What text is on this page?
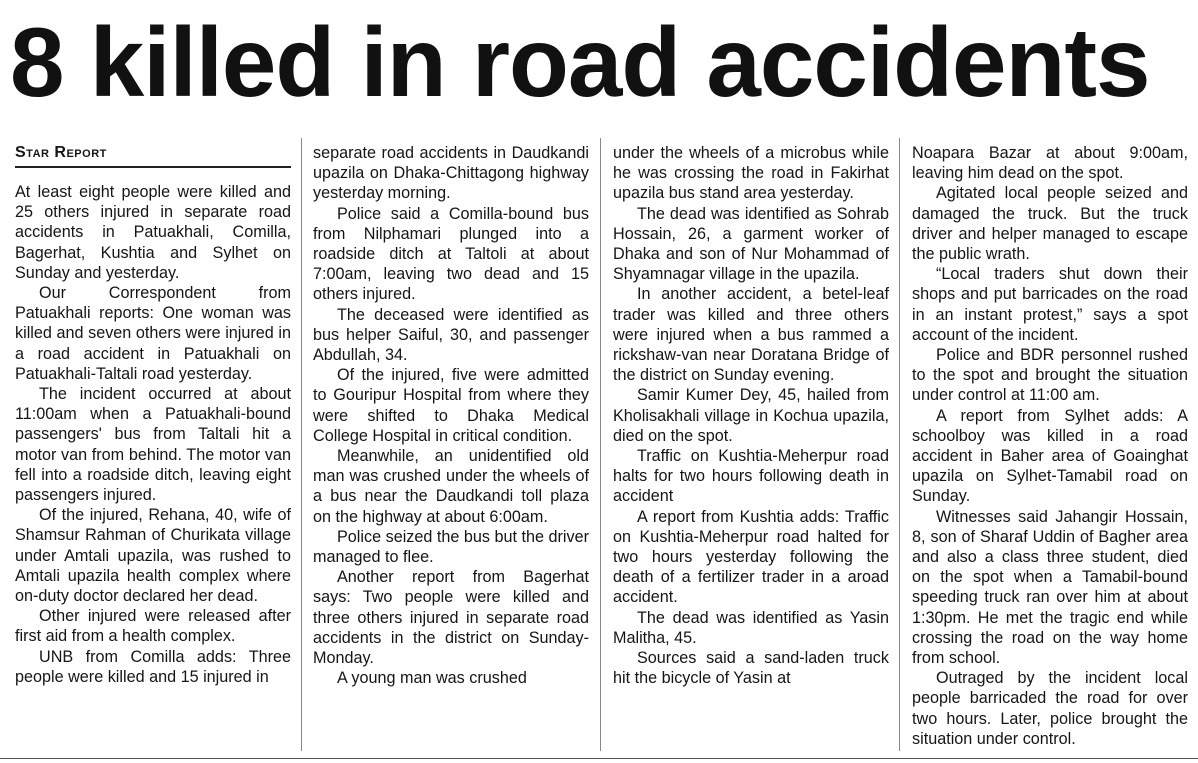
8 killed in road accidents
Star Report

At least eight people were killed and 25 others injured in separate road accidents in Patuakhali, Comilla, Bagerhat, Kushtia and Sylhet on Sunday and yesterday.

Our Correspondent from Patuakhali reports: One woman was killed and seven others were injured in a road accident in Patuakhali on Patuakhali-Taltali road yesterday.

The incident occurred at about 11:00am when a Patuakhali-bound passengers' bus from Taltali hit a motor van from behind. The motor van fell into a roadside ditch, leaving eight passengers injured.

Of the injured, Rehana, 40, wife of Shamsur Rahman of Churikata village under Amtali upazila, was rushed to Amtali upazila health complex where on-duty doctor declared her dead.

Other injured were released after first aid from a health complex.

UNB from Comilla adds: Three people were killed and 15 injured in

separate road accidents in Daudkandi upazila on Dhaka-Chittagong highway yesterday morning.

Police said a Comilla-bound bus from Nilphamari plunged into a roadside ditch at Taltoli at about 7:00am, leaving two dead and 15 others injured.

The deceased were identified as bus helper Saiful, 30, and passenger Abdullah, 34.

Of the injured, five were admitted to Gouripur Hospital from where they were shifted to Dhaka Medical College Hospital in critical condition.

Meanwhile, an unidentified old man was crushed under the wheels of a bus near the Daudkandi toll plaza on the highway at about 6:00am.

Police seized the bus but the driver managed to flee.

Another report from Bagerhat says: Two people were killed and three others injured in separate road accidents in the district on Sunday-Monday.

A young man was crushed

under the wheels of a microbus while he was crossing the road in Fakirhat upazila bus stand area yesterday.

The dead was identified as Sohrab Hossain, 26, a garment worker of Dhaka and son of Nur Mohammad of Shyamnagar village in the upazila.

In another accident, a betel-leaf trader was killed and three others were injured when a bus rammed a rickshaw-van near Doratana Bridge of the district on Sunday evening.

Samir Kumer Dey, 45, hailed from Kholisakhali village in Kochua upazila, died on the spot.

Traffic on Kushtia-Meherpur road halts for two hours following death in accident

A report from Kushtia adds: Traffic on Kushtia-Meherpur road halted for two hours yesterday following the death of a fertilizer trader in a aroad accident.

The dead was identified as Yasin Malitha, 45.

Sources said a sand-laden truck hit the bicycle of Yasin at

Noapara Bazar at about 9:00am, leaving him dead on the spot.

Agitated local people seized and damaged the truck. But the truck driver and helper managed to escape the public wrath.

“Local traders shut down their shops and put barricades on the road in an instant protest,” says a spot account of the incident.

Police and BDR personnel rushed to the spot and brought the situation under control at 11:00 am.

A report from Sylhet adds: A schoolboy was killed in a road accident in Baher area of Goainghat upazila on Sylhet-Tamabil road on Sunday.

Witnesses said Jahangir Hossain, 8, son of Sharaf Uddin of Bagher area and also a class three student, died on the spot when a Tamabil-bound speeding truck ran over him at about 1:30pm. He met the tragic end while crossing the road on the way home from school.

Outraged by the incident local people barricaded the road for over two hours. Later, police brought the situation under control.
